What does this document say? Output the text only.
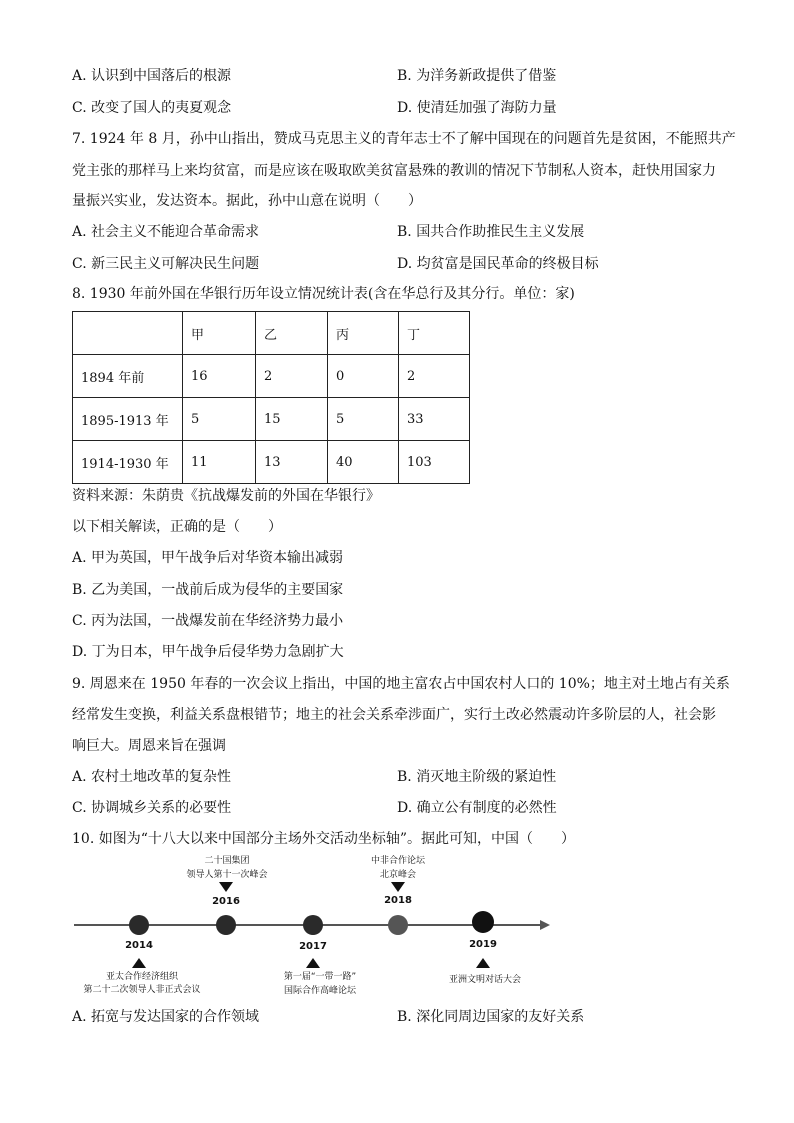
A. 认识到中国落后的根源	B. 为洋务新政提供了借鉴
C. 改变了国人的夷夏观念	D. 使清廷加强了海防力量
7. 1924 年 8 月，孙中山指出，赞成马克思主义的青年志士不了解中国现在的问题首先是贫困，不能照共产
党主张的那样马上来均贫富，而是应该在吸取欧美贫富悬殊的教训的情况下节制私人资本，赶快用国家力
量振兴实业，发达资本。据此，孙中山意在说明（　　）
A. 社会主义不能迎合革命需求	B. 国共合作助推民生主义发展
C. 新三民主义可解决民生问题	D. 均贫富是国民革命的终极目标
8. 1930 年前外国在华银行历年设立情况统计表(含在华总行及其分行。单位：家)
	甲	乙	丙	丁
1894 年前	16	2	0	2
1895-1913 年	5	15	5	33
1914-1930 年	11	13	40	103
资料来源：朱荫贵《抗战爆发前的外国在华银行》
以下相关解读，正确的是（　　）
A. 甲为英国，甲午战争后对华资本输出减弱
B. 乙为美国，一战前后成为侵华的主要国家
C. 丙为法国，一战爆发前在华经济势力最小
D. 丁为日本，甲午战争后侵华势力急剧扩大
9. 周恩来在 1950 年春的一次会议上指出，中国的地主富农占中国农村人口的 10%；地主对土地占有关系
经常发生变换，利益关系盘根错节；地主的社会关系牵涉面广，实行土改必然震动许多阶层的人，社会影
响巨大。周恩来旨在强调
A. 农村土地改革的复杂性	B. 消灭地主阶级的紧迫性
C. 协调城乡关系的必要性	D. 确立公有制度的必然性
10. 如图为“十八大以来中国部分主场外交活动坐标轴”。据此可知，中国（　　）
二十国集团
领导人第十一次峰会
2016
中非合作论坛
北京峰会
2018
2014	2017	2019
亚太合作经济组织
第二十二次领导人非正式会议
第一届“一带一路”
国际合作高峰论坛
亚洲文明对话大会
A. 拓宽与发达国家的合作领域	B. 深化同周边国家的友好关系
